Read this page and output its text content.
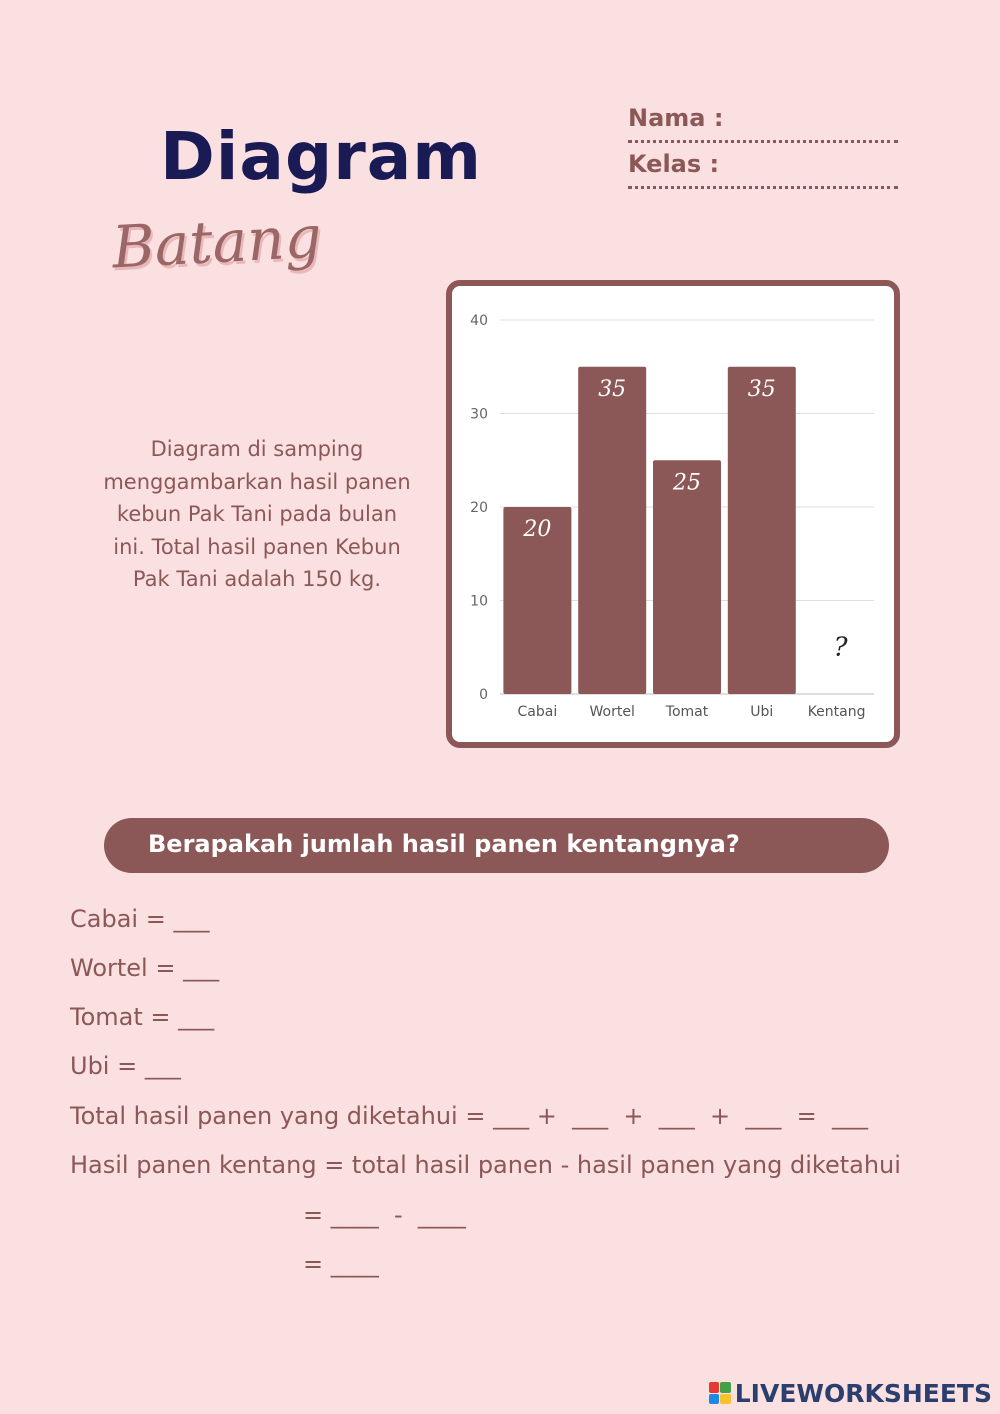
Diagram
Batang
Nama :
Kelas :
Diagram di samping menggambarkan hasil panen kebun Pak Tani pada bulan ini. Total hasil panen Kebun Pak Tani adalah 150 kg.
0
10
20
30
40
20
Cabai
35
Wortel
25
Tomat
35
Ubi
?
Kentang
Berapakah jumlah hasil panen kentangnya?
Cabai = ___
Wortel = ___
Tomat = ___
Ubi = ___
Total hasil panen yang diketahui = ___ +  ___  +  ___  +  ___  =  ___
Hasil panen kentang = total hasil panen - hasil panen yang diketahui
= ____  -  ____
= ____
LIVEWORKSHEETS
